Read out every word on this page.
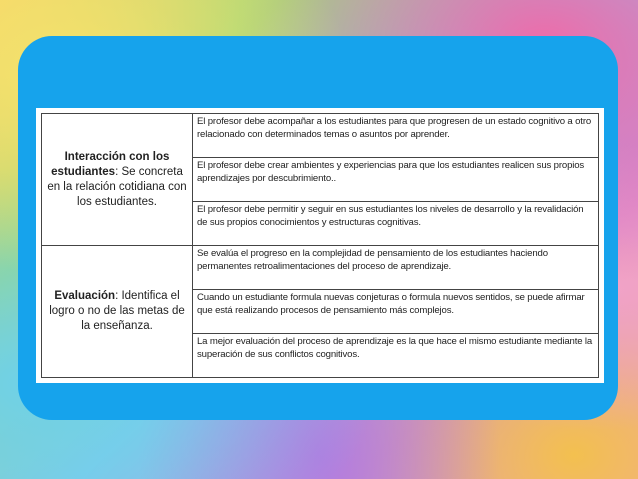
Interacción con los estudiantes: Se concreta en la relación cotidiana con los estudiantes.	El profesor debe acompañar a los estudiantes para que progresen de un estado cognitivo a otro relacionado con determinados temas o asuntos por aprender.
	El profesor debe crear ambientes y experiencias para que los estudiantes realicen sus propios aprendizajes por descubrimiento..
	El profesor debe permitir y seguir en sus estudiantes los niveles de desarrollo y la revalidación de sus propios conocimientos y estructuras cognitivas.
Evaluación: Identifica el logro o no de las metas de la enseñanza.	Se evalúa el progreso en la complejidad de pensamiento de los estudiantes haciendo permanentes retroalimentaciones del proceso de aprendizaje.
	Cuando un estudiante formula nuevas conjeturas o formula nuevos sentidos, se puede afirmar que está realizando procesos de pensamiento más complejos.
	La mejor evaluación del proceso de aprendizaje es la que hace el mismo estudiante mediante la superación de sus conflictos cognitivos.
